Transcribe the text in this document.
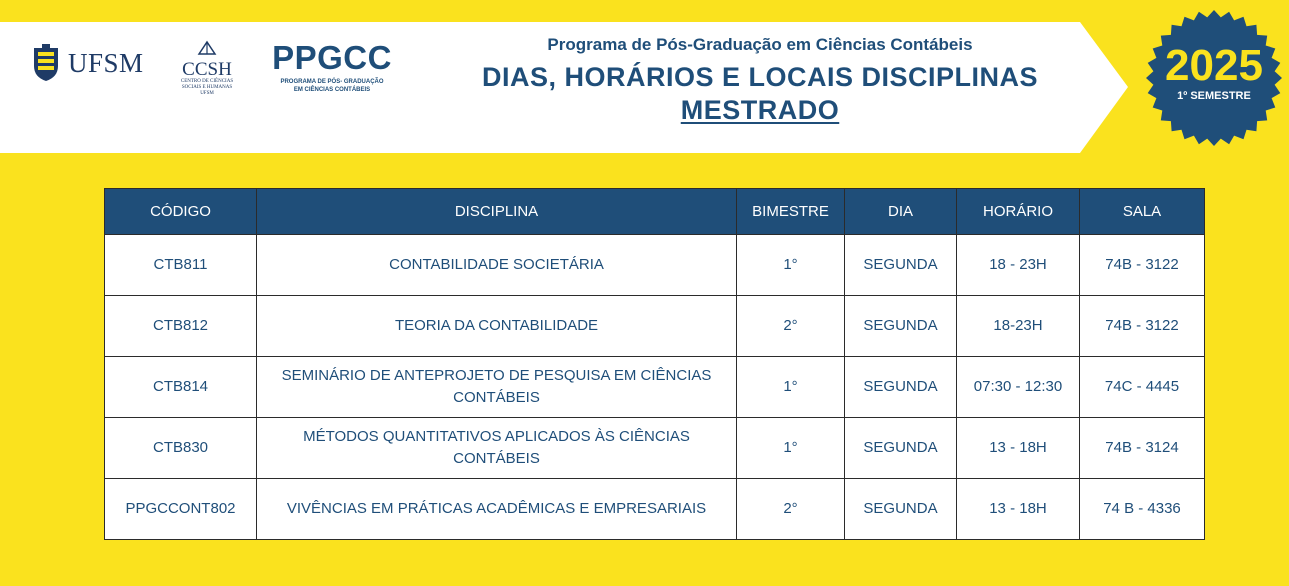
UFSM	CCSH
CENTRO DE CIÊNCIAS
SOCIAIS E HUMANAS
UFSM
PPGCC
PROGRAMA DE PÓS- GRADUAÇÃO
EM CIÊNCIAS CONTÁBEIS
Programa de Pós-Graduação em Ciências Contábeis
DIAS, HORÁRIOS E LOCAIS DISCIPLINAS
MESTRADO
2025
1º SEMESTRE
CÓDIGO	DISCIPLINA	BIMESTRE	DIA	HORÁRIO	SALA
CTB811	CONTABILIDADE SOCIETÁRIA	1°	SEGUNDA	18 - 23H	74B - 3122
CTB812	TEORIA DA CONTABILIDADE	2°	SEGUNDA	18-23H	74B - 3122
CTB814	SEMINÁRIO DE ANTEPROJETO DE PESQUISA EM CIÊNCIAS CONTÁBEIS	1°	SEGUNDA	07:30 - 12:30	74C - 4445
CTB830	MÉTODOS QUANTITATIVOS APLICADOS ÀS CIÊNCIAS CONTÁBEIS	1°	SEGUNDA	13 - 18H	74B - 3124
PPGCCONT802	VIVÊNCIAS EM PRÁTICAS ACADÊMICAS E EMPRESARIAIS	2°	SEGUNDA	13 - 18H	74 B - 4336
